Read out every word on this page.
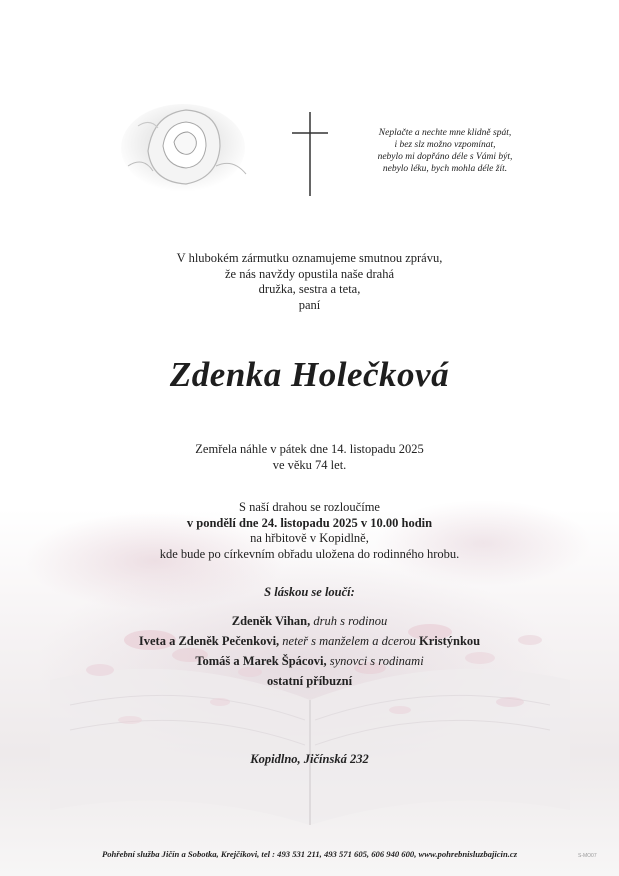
Neplačte a nechte mne klidně spát,
i bez slz možno vzpomínat,
nebylo mi dopřáno déle s Vámi být,
nebylo léku, bych mohla déle žít.
V hlubokém zármutku oznamujeme smutnou zprávu,
že nás navždy opustila naše drahá
družka, sestra a teta,
paní
Zdenka Holečková
Zemřela náhle v pátek dne 14. listopadu 2025
ve věku 74 let.
S naší drahou se rozloučíme
v pondělí dne 24. listopadu 2025 v 10.00 hodin
na hřbitově v Kopidlně,
kde bude po církevním obřadu uložena do rodinného hrobu.
S láskou se loučí:
Zdeněk Vihan, druh s rodinou
Iveta a Zdeněk Pečenkovi, neteř s manželem a dcerou Kristýnkou
Tomáš a Marek Špácovi, synovci s rodinami
ostatní příbuzní
Kopidlno, Jičínská 232
Pohřební služba Jičín a Sobotka, Krejčíkovi, tel : 493 531 211, 493 571 605, 606 940 600, www.pohrebnisluzbajicin.cz	S-MO07
